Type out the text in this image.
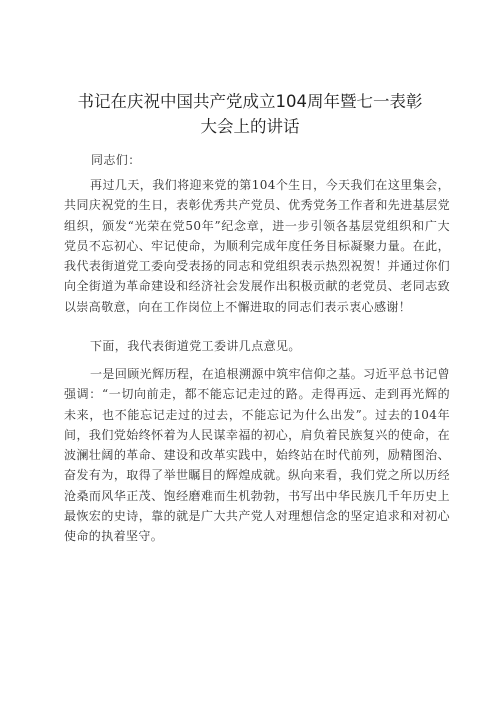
书记在庆祝中国共产党成立104周年暨七一表彰
大会上的讲话

同志们：

再过几天，我们将迎来党的第104个生日，今天我们在这里集会，共同庆祝党的生日，表彰优秀共产党员、优秀党务工作者和先进基层党组织，颁发“光荣在党50年”纪念章，进一步引领各基层党组织和广大党员不忘初心、牢记使命，为顺利完成年度任务目标凝聚力量。在此，我代表街道党工委向受表扬的同志和党组织表示热烈祝贺！并通过你们向全街道为革命建设和经济社会发展作出积极贡献的老党员、老同志致以崇高敬意，向在工作岗位上不懈进取的同志们表示衷心感谢！

下面，我代表街道党工委讲几点意见。

一是回顾光辉历程，在追根溯源中筑牢信仰之基。习近平总书记曾强调：“一切向前走，都不能忘记走过的路。走得再远、走到再光辉的未来，也不能忘记走过的过去，不能忘记为什么出发”。过去的104年间，我们党始终怀着为人民谋幸福的初心，肩负着民族复兴的使命，在波澜壮阔的革命、建设和改革实践中，始终站在时代前列，励精图治、奋发有为，取得了举世瞩目的辉煌成就。纵向来看，我们党之所以历经沧桑而风华正茂、饱经磨难而生机勃勃，书写出中华民族几千年历史上最恢宏的史诗，靠的就是广大共产党人对理想信念的坚定追求和对初心使命的执着坚守。
